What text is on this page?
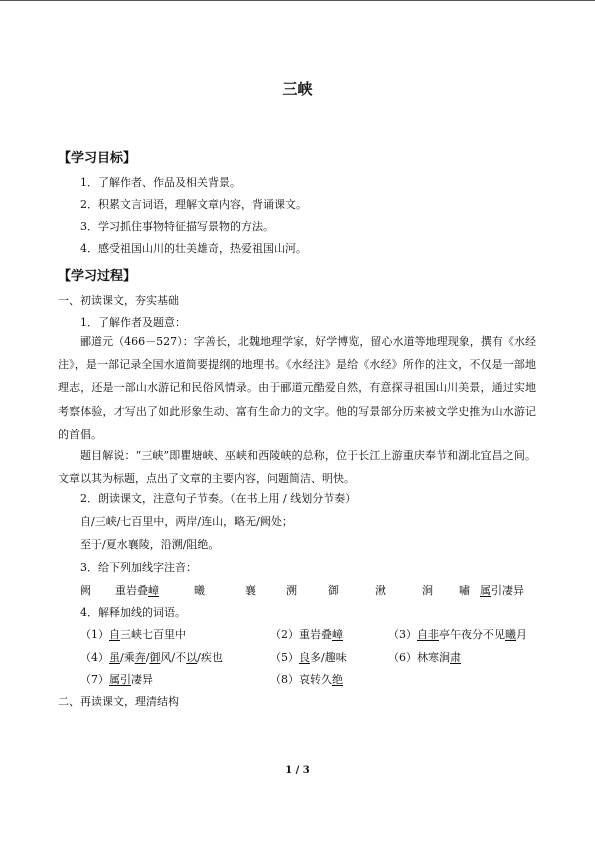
三峡
【学习目标】
1．了解作者、作品及相关背景。
2．积累文言词语，理解文章内容，背诵课文。
3．学习抓住事物特征描写景物的方法。
4．感受祖国山川的壮美雄奇，热爱祖国山河。
【学习过程】
一、初读课文，夯实基础
1．了解作者及题意：
郦道元（466－527）：字善长，北魏地理学家，好学博览，留心水道等地理现象，撰有《水经注》，是一部记录全国水道简要提纲的地理书。《水经注》是给《水经》所作的注文，不仅是一部地理志，还是一部山水游记和民俗风情录。由于郦道元酷爱自然，有意探寻祖国山川美景，通过实地考察体验，才写出了如此形象生动、富有生命力的文字。他的写景部分历来被文学史推为山水游记的首倡。
题目解说：“三峡”即瞿塘峡、巫峡和西陵峡的总称，位于长江上游重庆奉节和湖北宜昌之间。文章以其为标题，点出了文章的主要内容，问题简洁、明快。
2．朗读课文，注意句子节奏。（在书上用 / 线划分节奏）
自/三峡/七百里中，两岸/连山，略无/阙处；
至于/夏水襄陵，沿溯/阻绝。
3．给下列加线字注音：
阙 重岩叠嶂	曦	襄	溯	御	湫	涧 嘯 属引凄异
4．解释加线的词语。
（1）自三峡七百里中	（2）重岩叠嶂	（3）自非亭午夜分不见曦月
（4）虽/乘奔/御风/不以/疾也	（5）良多/趣味	（6）林寒涧肃
（7）属引凄异	（8）哀转久绝
二、再读课文，理清结构
1 / 3
